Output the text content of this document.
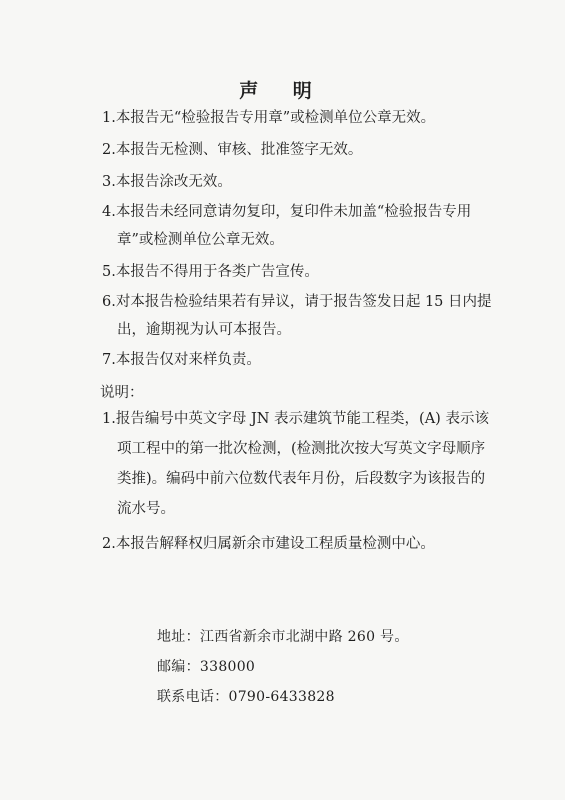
声 明
1.本报告无“检验报告专用章”或检测单位公章无效。
2.本报告无检测、审核、批准签字无效。
3.本报告涂改无效。
4.本报告未经同意请勿复印，复印件未加盖“检验报告专用
章”或检测单位公章无效。
5.本报告不得用于各类广告宣传。
6.对本报告检验结果若有异议，请于报告签发日起 15 日内提
出，逾期视为认可本报告。
7.本报告仅对来样负责。
说明：
1.报告编号中英文字母 JN 表示建筑节能工程类，(A) 表示该
项工程中的第一批次检测，(检测批次按大写英文字母顺序
类推)。编码中前六位数代表年月份，后段数字为该报告的
流水号。
2.本报告解释权归属新余市建设工程质量检测中心。
地址：江西省新余市北湖中路 260 号。
邮编：338000
联系电话：0790-6433828
